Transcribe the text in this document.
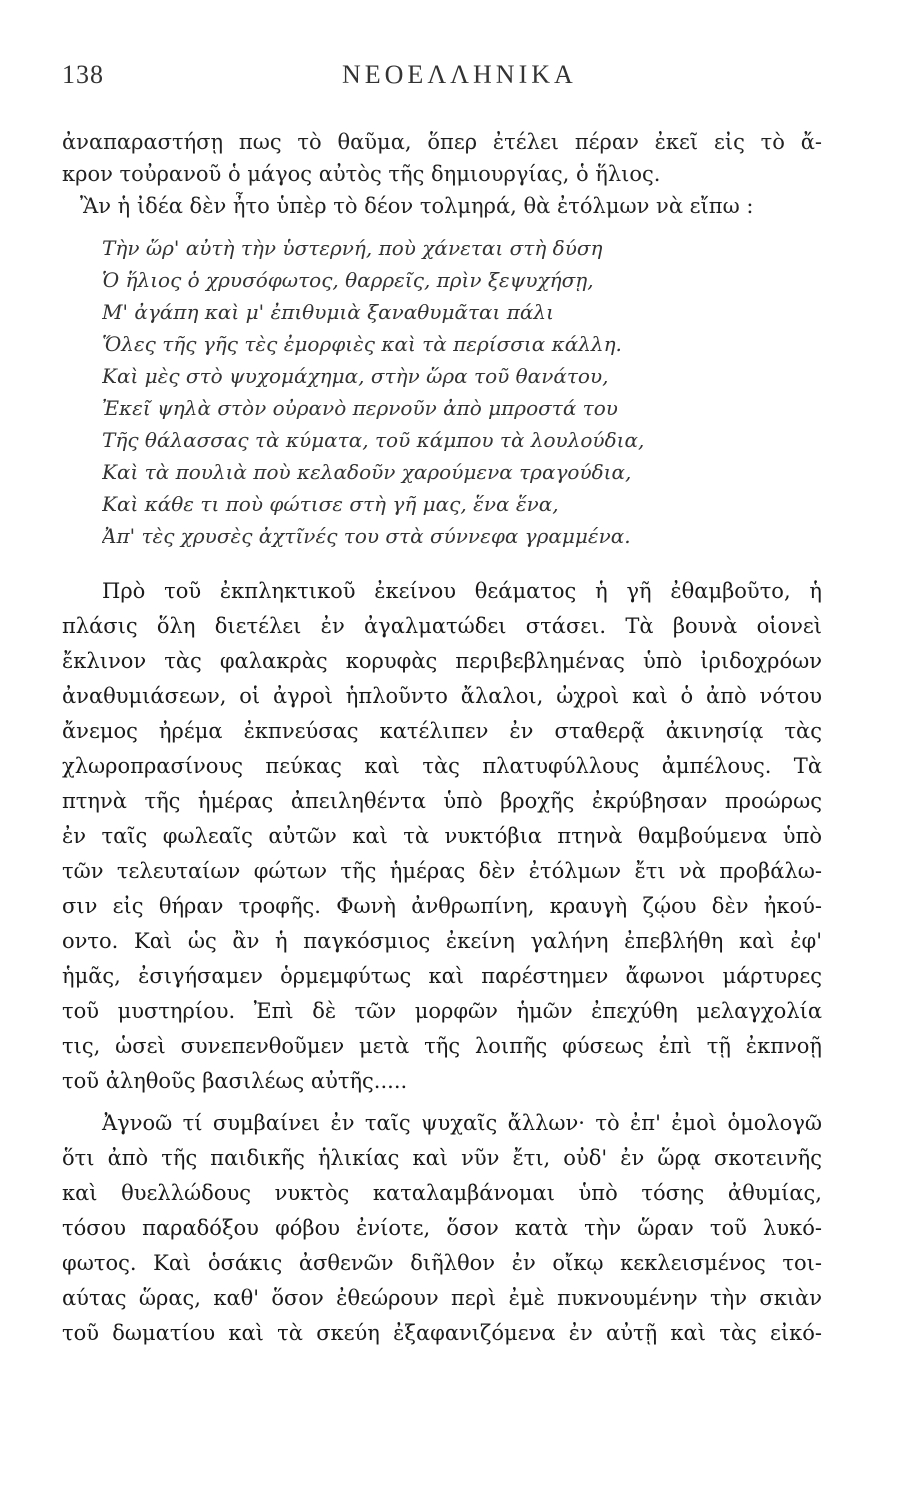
138	ΝΕΟΕΛΛΗΝΙΚΑ
ἀναπαραστήσῃ πως τὸ θαῦμα, ὅπερ ἐτέλει πέραν ἐκεῖ εἰς τὸ ἄ-
κρον τοὐρανοῦ ὁ μάγος αὐτὸς τῆς δημιουργίας, ὁ ἥλιος.
Ἂν ἡ ἰδέα δὲν ἦτο ὑπὲρ τὸ δέον τολμηρά, θὰ ἐτόλμων νὰ εἴπω :
Τὴν ὥρ' αὐτὴ τὴν ὑστερνή, ποὺ χάνεται στὴ δύση
Ὁ ἥλιος ὁ χρυσόφωτος, θαρρεῖς, πρὶν ξεψυχήσῃ,
Μ' ἀγάπη καὶ μ' ἐπιθυμιὰ ξαναθυμᾶται πάλι
Ὅλες τῆς γῆς τὲς ἐμορφιὲς καὶ τὰ περίσσια κάλλη.
Καὶ μὲς στὸ ψυχομάχημα, στὴν ὥρα τοῦ θανάτου,
Ἐκεῖ ψηλὰ στὸν οὐρανὸ περνοῦν ἀπὸ μπροστά του
Τῆς θάλασσας τὰ κύματα, τοῦ κάμπου τὰ λουλούδια,
Καὶ τὰ πουλιὰ ποὺ κελαδοῦν χαρούμενα τραγούδια,
Καὶ κάθε τι ποὺ φώτισε στὴ γῆ μας, ἕνα ἕνα,
Ἀπ' τὲς χρυσὲς ἀχτῖνές του στὰ σύννεφα γραμμένα.
Πρὸ τοῦ ἐκπληκτικοῦ ἐκείνου θεάματος ἡ γῆ ἐθαμβοῦτο, ἡ
πλάσις ὅλη διετέλει ἐν ἀγαλματώδει στάσει. Τὰ βουνὰ οἱονεὶ
ἔκλινον τὰς φαλακρὰς κορυφὰς περιβεβλημένας ὑπὸ ἰριδοχρόων
ἀναθυμιάσεων, οἱ ἀγροὶ ἡπλοῦντο ἄλαλοι, ὠχροὶ καὶ ὁ ἀπὸ νότου
ἄνεμος ἠρέμα ἐκπνεύσας κατέλιπεν ἐν σταθερᾷ ἀκινησίᾳ τὰς
χλωροπρασίνους πεύκας καὶ τὰς πλατυφύλλους ἀμπέλους. Τὰ
πτηνὰ τῆς ἡμέρας ἀπειληθέντα ὑπὸ βροχῆς ἐκρύβησαν προώρως
ἐν ταῖς φωλεαῖς αὐτῶν καὶ τὰ νυκτόβια πτηνὰ θαμβούμενα ὑπὸ
τῶν τελευταίων φώτων τῆς ἡμέρας δὲν ἐτόλμων ἔτι νὰ προβάλω-
σιν εἰς θήραν τροφῆς. Φωνὴ ἀνθρωπίνη, κραυγὴ ζῴου δὲν ἠκού-
οντο. Καὶ ὡς ἂν ἡ παγκόσμιος ἐκείνη γαλήνη ἐπεβλήθη καὶ ἐφ'
ἡμᾶς, ἐσιγήσαμεν ὁρμεμφύτως καὶ παρέστημεν ἄφωνοι μάρτυρες
τοῦ μυστηρίου. Ἐπὶ δὲ τῶν μορφῶν ἡμῶν ἐπεχύθη μελαγχολία
τις, ὡσεὶ συνεπενθοῦμεν μετὰ τῆς λοιπῆς φύσεως ἐπὶ τῇ ἐκπνοῇ
τοῦ ἀληθοῦς βασιλέως αὐτῆς.....
Ἀγνοῶ τί συμβαίνει ἐν ταῖς ψυχαῖς ἄλλων· τὸ ἐπ' ἐμοὶ ὁμολογῶ
ὅτι ἀπὸ τῆς παιδικῆς ἡλικίας καὶ νῦν ἔτι, οὐδ' ἐν ὥρᾳ σκοτεινῆς
καὶ θυελλώδους νυκτὸς καταλαμβάνομαι ὑπὸ τόσης ἀθυμίας,
τόσου παραδόξου φόβου ἐνίοτε, ὅσον κατὰ τὴν ὥραν τοῦ λυκό-
φωτος. Καὶ ὁσάκις ἀσθενῶν διῆλθον ἐν οἴκῳ κεκλεισμένος τοι-
αύτας ὥρας, καθ' ὅσον ἐθεώρουν περὶ ἐμὲ πυκνουμένην τὴν σκιὰν
τοῦ δωματίου καὶ τὰ σκεύη ἐξαφανιζόμενα ἐν αὐτῇ καὶ τὰς εἰκό-
